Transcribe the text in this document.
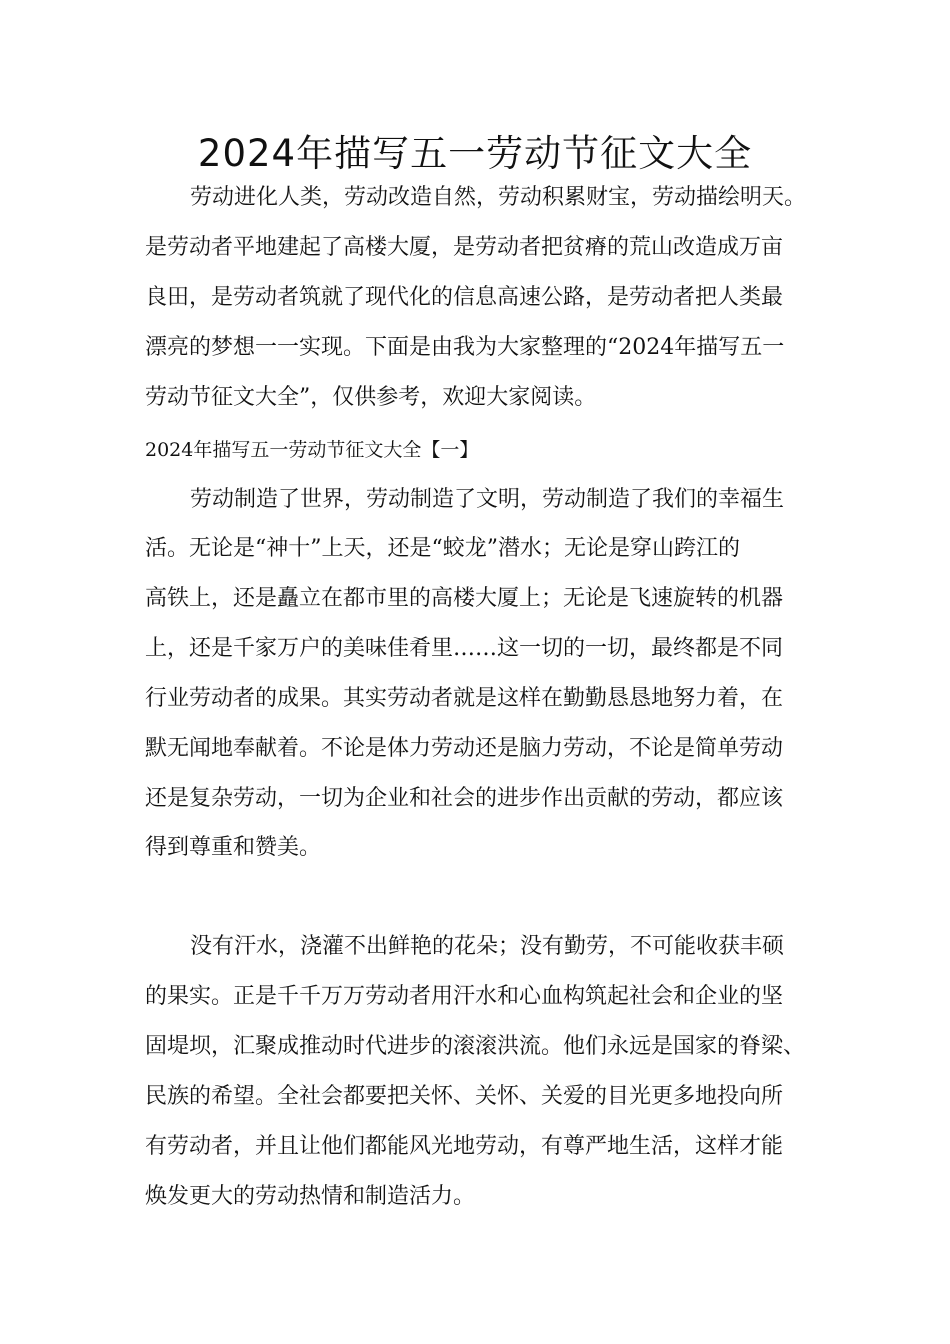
2024年描写五一劳动节征文大全

劳动进化人类，劳动改造自然，劳动积累财宝，劳动描绘明天。

是劳动者平地建起了高楼大厦，是劳动者把贫瘠的荒山改造成万亩

良田，是劳动者筑就了现代化的信息高速公路，是劳动者把人类最

漂亮的梦想一一实现。下面是由我为大家整理的“2024年描写五一

劳动节征文大全”，仅供参考，欢迎大家阅读。

2024年描写五一劳动节征文大全【一】

劳动制造了世界，劳动制造了文明，劳动制造了我们的幸福生

活。无论是“神十”上天，还是“蛟龙”潜水；无论是穿山跨江的

高铁上，还是矗立在都市里的高楼大厦上；无论是飞速旋转的机器

上，还是千家万户的美味佳肴里……这一切的一切，最终都是不同

行业劳动者的成果。其实劳动者就是这样在勤勤恳恳地努力着，在

默无闻地奉献着。不论是体力劳动还是脑力劳动，不论是简单劳动

还是复杂劳动，一切为企业和社会的进步作出贡献的劳动，都应该

得到尊重和赞美。

没有汗水，浇灌不出鲜艳的花朵；没有勤劳，不可能收获丰硕

的果实。正是千千万万劳动者用汗水和心血构筑起社会和企业的坚

固堤坝，汇聚成推动时代进步的滚滚洪流。他们永远是国家的脊梁、

民族的希望。全社会都要把关怀、关怀、关爱的目光更多地投向所

有劳动者，并且让他们都能风光地劳动，有尊严地生活，这样才能

焕发更大的劳动热情和制造活力。
